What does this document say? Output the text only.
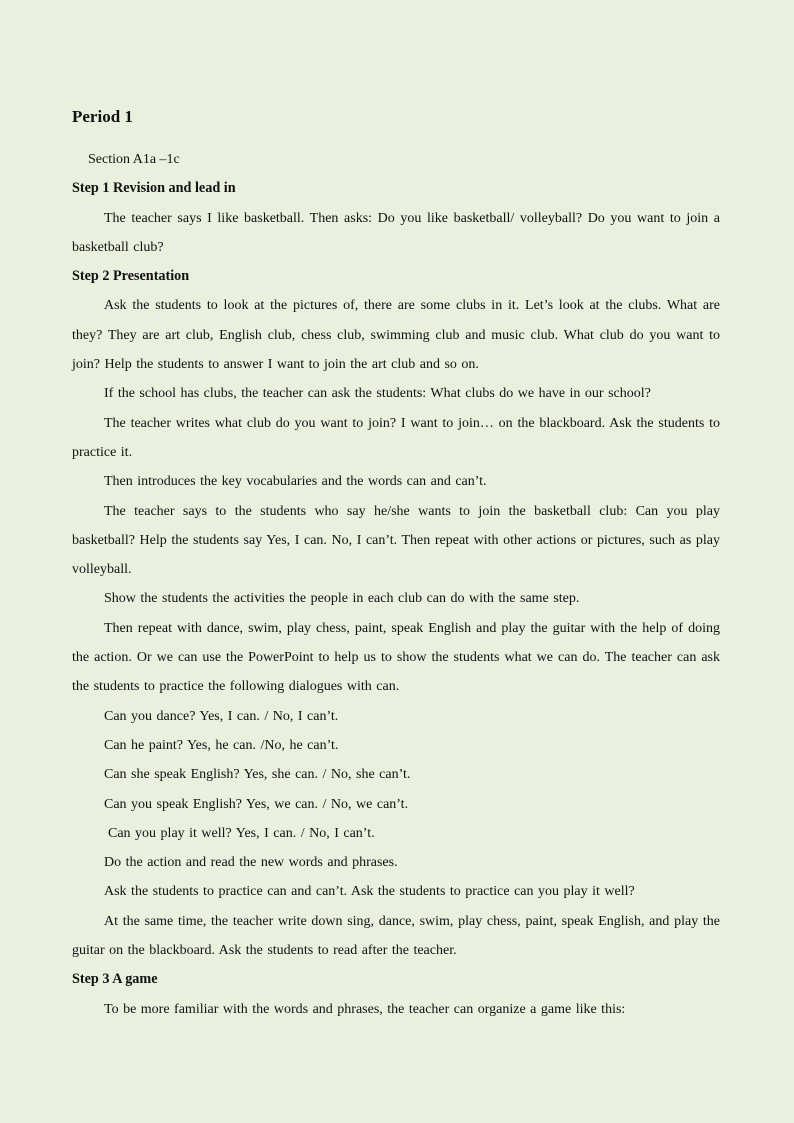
Period 1
Section A1a –1c
Step 1 Revision and lead in
The teacher says I like basketball. Then asks: Do you like basketball/ volleyball? Do you want to join a basketball club?
Step 2 Presentation
Ask the students to look at the pictures of, there are some clubs in it. Let’s look at the clubs. What are they? They are art club, English club, chess club, swimming club and music club. What club do you want to join? Help the students to answer I want to join the art club and so on.
If the school has clubs, the teacher can ask the students: What clubs do we have in our school?
The teacher writes what club do you want to join? I want to join… on the blackboard. Ask the students to practice it.
Then introduces the key vocabularies and the words can and can’t.
The teacher says to the students who say he/she wants to join the basketball club: Can you play basketball? Help the students say Yes, I can. No, I can’t. Then repeat with other actions or pictures, such as play volleyball.
Show the students the activities the people in each club can do with the same step.
Then repeat with dance, swim, play chess, paint, speak English and play the guitar with the help of doing the action. Or we can use the PowerPoint to help us to show the students what we can do. The teacher can ask the students to practice the following dialogues with can.
Can you dance? Yes, I can. / No, I can’t.
Can he paint? Yes, he can. /No, he can’t.
Can she speak English? Yes, she can. / No, she can’t.
Can you speak English? Yes, we can. / No, we can’t.
Can you play it well? Yes, I can. / No, I can’t.
Do the action and read the new words and phrases.
Ask the students to practice can and can’t. Ask the students to practice can you play it well?
At the same time, the teacher write down sing, dance, swim, play chess, paint, speak English, and play the guitar on the blackboard. Ask the students to read after the teacher.
Step 3 A game
To be more familiar with the words and phrases, the teacher can organize a game like this:
